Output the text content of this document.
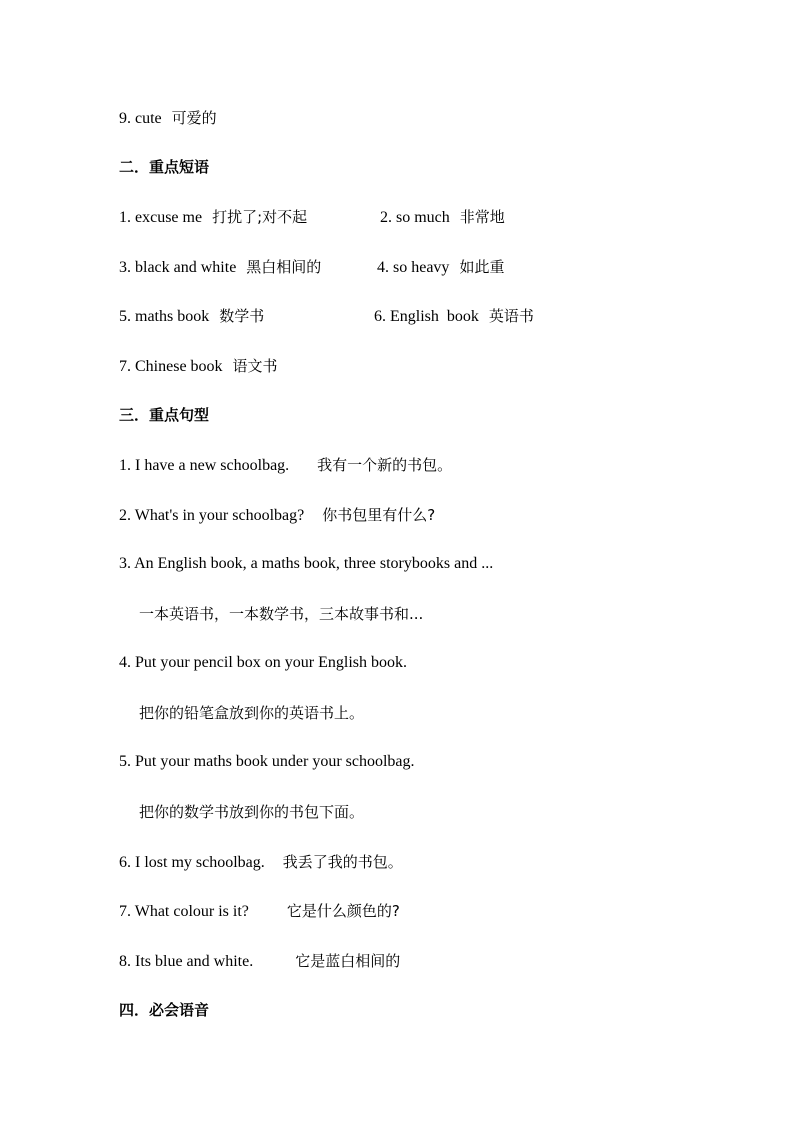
9. cute 可爱的
二．重点短语
1. excuse me 打扰了;对不起	2. so much 非常地
3. black and white 黑白相间的	4. so heavy 如此重
5. maths book 数学书	6. English  book 英语书
7. Chinese book 语文书
三．重点句型
1. I have a new schoolbag. 我有一个新的书包。
2. What's in your schoolbag? 你书包里有什么?
3. An English book, a maths book, three storybooks and ...
一本英语书，一本数学书，三本故事书和...
4. Put your pencil box on your English book.
把你的铅笔盒放到你的英语书上。
5. Put your maths book under your schoolbag.
把你的数学书放到你的书包下面。
6. I lost my schoolbag. 我丢了我的书包。
7. What colour is it?	它是什么颜色的?
8. Its blue and white.	它是蓝白相间的
四．必会语音
